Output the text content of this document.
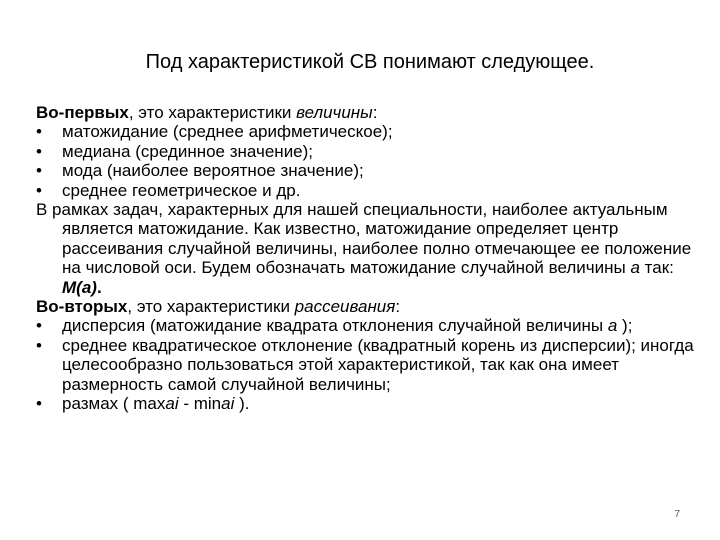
Под характеристикой СВ понимают следующее.

Во-первых, это характеристики величины:

•	матожидание (среднее арифметическое);
•	медиана (срединное значение);
•	мода (наиболее вероятное значение);
•	среднее геометрическое и др.

В рамках задач, характерных для нашей специальности, наиболее актуальным является матожидание. Как известно, матожидание определяет центр рассеивания случайной величины, наиболее полно отмечающее ее положение на числовой оси. Будем обозначать матожидание случайной величины а так: М(а).

Во-вторых, это характеристики рассеивания:

•	дисперсия (матожидание квадрата отклонения случайной величины а );
•	среднее квадратическое отклонение (квадратный корень из дисперсии); иногда целесообразно пользоваться этой характеристикой, так как она имеет размерность самой случайной величины;
•	размах ( maxai - minai ).
7
